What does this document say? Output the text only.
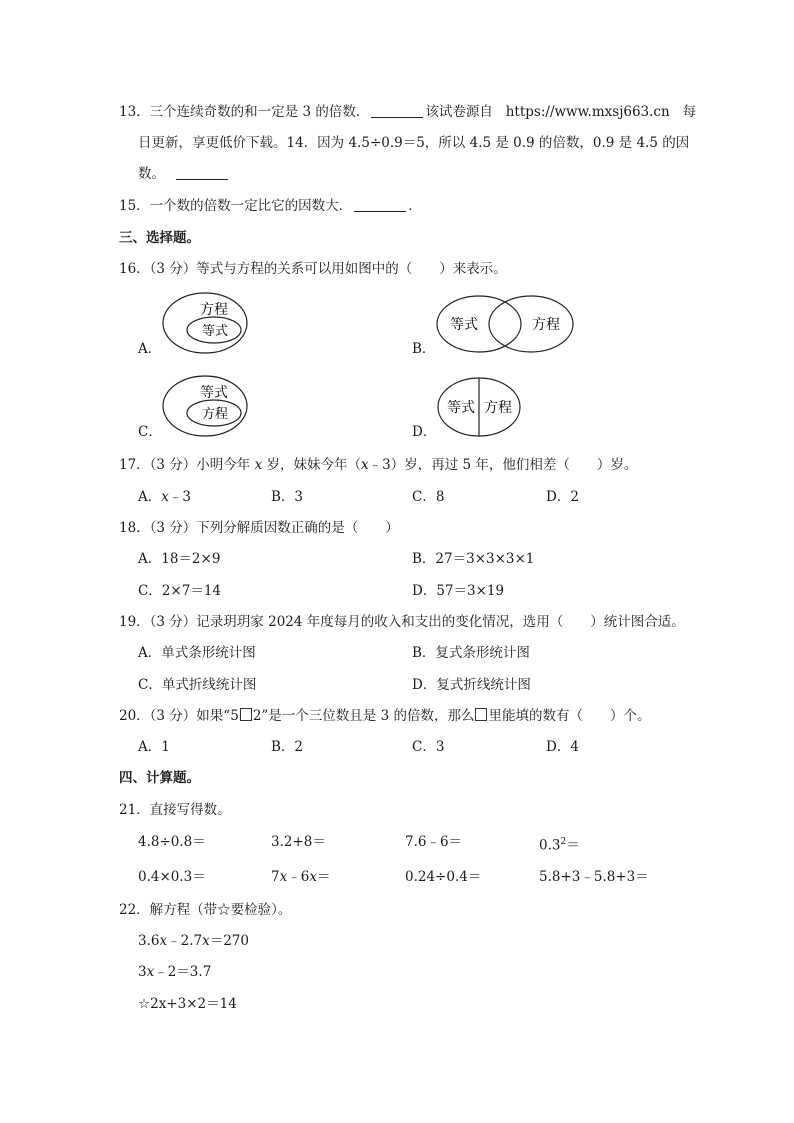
13．三个连续奇数的和一定是 3 的倍数．	该试卷源自 https://www.mxsj663.cn 每
日更新，享更低价下载。14．因为 4.5÷0.9＝5，所以 4.5 是 0.9 的倍数，0.9 是 4.5 的因
数。
15．一个数的倍数一定比它的因数大．	．
三、选择题。
16．（3 分）等式与方程的关系可以用如图中的（　　）来表示。
A．
方程
等式
B．
等式	方程
C．
等式
方程
D．
等式 方程
17．（3 分）小明今年 x 岁，妹妹今年（x﹣3）岁，再过 5 年，他们相差（　　）岁。
A．x﹣3	B．3	C．8	D．2
18．（3 分）下列分解质因数正确的是（　　）
A．18＝2×9	B．27＝3×3×3×1
C．2×7＝14	D．57＝3×19
19．（3 分）记录玥玥家 2024 年度每月的收入和支出的变化情况，选用（　　）统计图合适。
A．单式条形统计图	B．复式条形统计图
C．单式折线统计图	D．复式折线统计图
20．（3 分）如果“5 2”是一个三位数且是 3 的倍数，那么 里能填的数有（　　）个。
A．1	B．2	C．3	D．4
四、计算题。
21．直接写得数。
4.8÷0.8＝	3.2+8＝	7.6﹣6＝	$0.3^2=$
0.4×0.3＝	7x﹣6x＝	0.24÷0.4＝	5.8+3﹣5.8+3＝
22．解方程（带☆要检验）。
3.6x﹣2.7x＝270
3x﹣2＝3.7
☆2x+3×2＝14
